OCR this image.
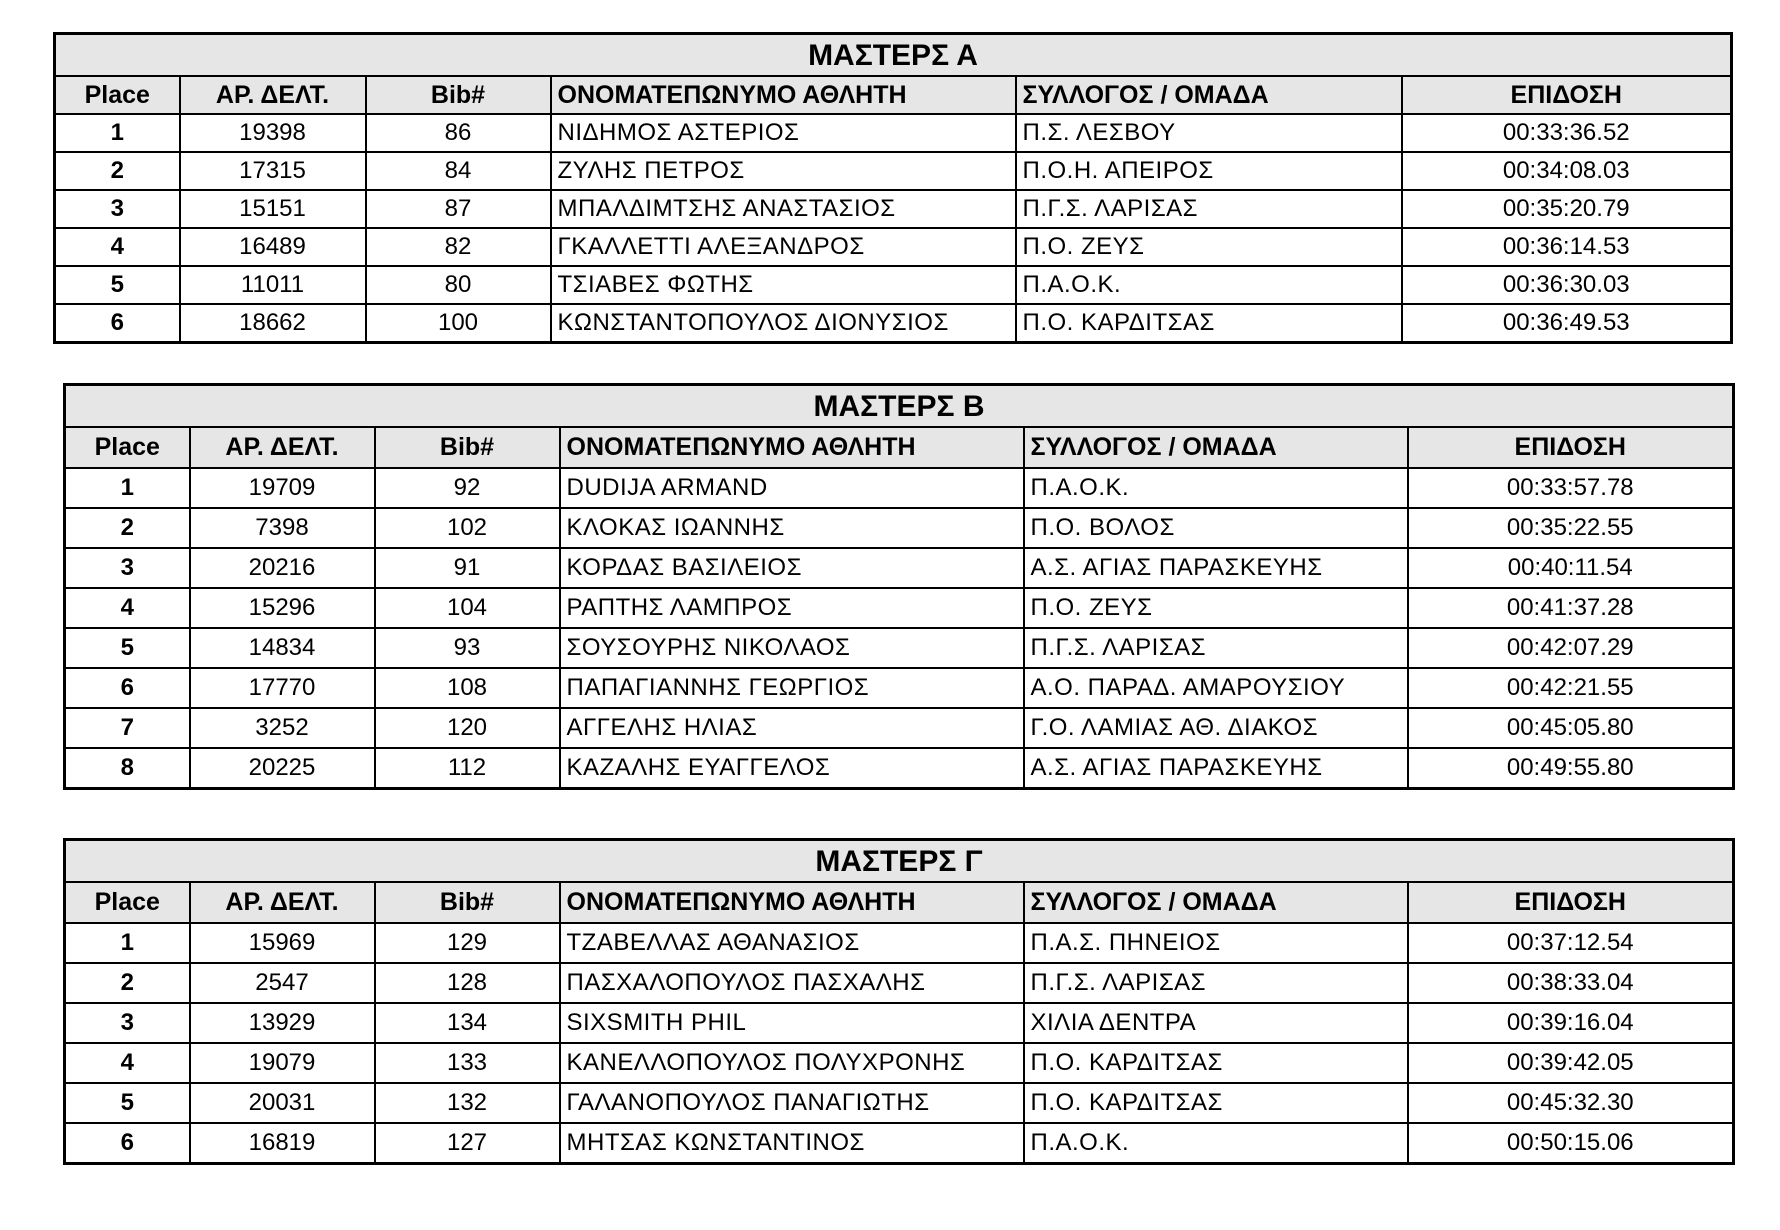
ΜΑΣΤΕΡΣ Α					
Place	ΑΡ. ΔΕΛΤ.	Bib#	ΟΝΟΜΑΤΕΠΩΝΥΜΟ ΑΘΛΗΤΗ	ΣΥΛΛΟΓΟΣ / ΟΜΑΔΑ	ΕΠΙΔΟΣΗ
1	19398	86	ΝΙΔΗΜΟΣ ΑΣΤΕΡΙΟΣ	Π.Σ. ΛΕΣΒΟΥ	00:33:36.52
2	17315	84	ΖΥΛΗΣ ΠΕΤΡΟΣ	Π.Ο.Η. ΑΠΕΙΡΟΣ	00:34:08.03
3	15151	87	ΜΠΑΛΔΙΜΤΣΗΣ ΑΝΑΣΤΑΣΙΟΣ	Π.Γ.Σ. ΛΑΡΙΣΑΣ	00:35:20.79
4	16489	82	ΓΚΑΛΛΕΤΤΙ ΑΛΕΞΑΝΔΡΟΣ	Π.Ο. ΖΕΥΣ	00:36:14.53
5	11011	80	ΤΣΙΑΒΕΣ ΦΩΤΗΣ	Π.Α.Ο.Κ.	00:36:30.03
6	18662	100	ΚΩΝΣΤΑΝΤΟΠΟΥΛΟΣ ΔΙΟΝΥΣΙΟΣ	Π.Ο. ΚΑΡΔΙΤΣΑΣ	00:36:49.53
ΜΑΣΤΕΡΣ Β					
Place	ΑΡ. ΔΕΛΤ.	Bib#	ΟΝΟΜΑΤΕΠΩΝΥΜΟ ΑΘΛΗΤΗ	ΣΥΛΛΟΓΟΣ / ΟΜΑΔΑ	ΕΠΙΔΟΣΗ
1	19709	92	DUDIJA ARMAND	Π.Α.Ο.Κ.	00:33:57.78
2	7398	102	ΚΛΟΚΑΣ ΙΩΑΝΝΗΣ	Π.Ο. ΒΟΛΟΣ	00:35:22.55
3	20216	91	ΚΟΡΔΑΣ ΒΑΣΙΛΕΙΟΣ	Α.Σ. ΑΓΙΑΣ ΠΑΡΑΣΚΕΥΗΣ	00:40:11.54
4	15296	104	ΡΑΠΤΗΣ ΛΑΜΠΡΟΣ	Π.Ο. ΖΕΥΣ	00:41:37.28
5	14834	93	ΣΟΥΣΟΥΡΗΣ ΝΙΚΟΛΑΟΣ	Π.Γ.Σ. ΛΑΡΙΣΑΣ	00:42:07.29
6	17770	108	ΠΑΠΑΓΙΑΝΝΗΣ ΓΕΩΡΓΙΟΣ	Α.Ο. ΠΑΡΑΔ. ΑΜΑΡΟΥΣΙΟΥ	00:42:21.55
7	3252	120	ΑΓΓΕΛΗΣ ΗΛΙΑΣ	Γ.Ο. ΛΑΜΙΑΣ ΑΘ. ΔΙΑΚΟΣ	00:45:05.80
8	20225	112	ΚΑΖΑΛΗΣ ΕΥΑΓΓΕΛΟΣ	Α.Σ. ΑΓΙΑΣ ΠΑΡΑΣΚΕΥΗΣ	00:49:55.80
ΜΑΣΤΕΡΣ Γ					
Place	ΑΡ. ΔΕΛΤ.	Bib#	ΟΝΟΜΑΤΕΠΩΝΥΜΟ ΑΘΛΗΤΗ	ΣΥΛΛΟΓΟΣ / ΟΜΑΔΑ	ΕΠΙΔΟΣΗ
1	15969	129	ΤΖΑΒΕΛΛΑΣ ΑΘΑΝΑΣΙΟΣ	Π.Α.Σ. ΠΗΝΕΙΟΣ	00:37:12.54
2	2547	128	ΠΑΣΧΑΛΟΠΟΥΛΟΣ ΠΑΣΧΑΛΗΣ	Π.Γ.Σ. ΛΑΡΙΣΑΣ	00:38:33.04
3	13929	134	SIXSMITH PHIL	ΧΙΛΙΑ ΔΕΝΤΡΑ	00:39:16.04
4	19079	133	ΚΑΝΕΛΛΟΠΟΥΛΟΣ ΠΟΛΥΧΡΟΝΗΣ	Π.Ο. ΚΑΡΔΙΤΣΑΣ	00:39:42.05
5	20031	132	ΓΑΛΑΝΟΠΟΥΛΟΣ ΠΑΝΑΓΙΩΤΗΣ	Π.Ο. ΚΑΡΔΙΤΣΑΣ	00:45:32.30
6	16819	127	ΜΗΤΣΑΣ ΚΩΝΣΤΑΝΤΙΝΟΣ	Π.Α.Ο.Κ.	00:50:15.06
